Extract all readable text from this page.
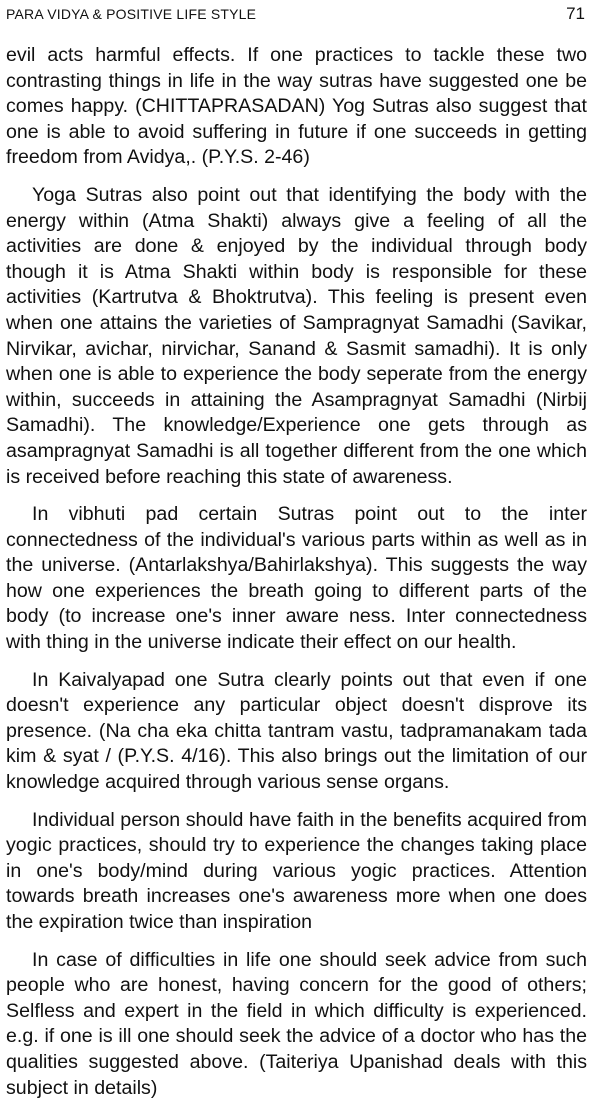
PARA VIDYA & POSITIVE LIFE STYLE	71

evil acts harmful effects. If one practices to tackle these two contrasting things in life in the way sutras have suggested one be comes happy. (CHITTAPRASADAN) Yog Sutras also suggest that one is able to avoid suffering in future if one succeeds in getting freedom from Avidya,. (P.Y.S. 2-46)

Yoga Sutras also point out that identifying the body with the energy within (Atma Shakti) always give a feeling of all the activities are done & enjoyed by the individual through body though it is Atma Shakti within body is responsible for these activities (Kartrutva & Bhoktrutva). This feeling is present even when one attains the varieties of Sampragnyat Samadhi (Savikar, Nirvikar, avichar, nirvichar, Sanand & Sasmit samadhi). It is only when one is able to experience the body seperate from the energy within, succeeds in attaining the Asampragnyat Samadhi (Nirbij Samadhi). The knowledge/Experience one gets through as asampragnyat Samadhi is all together different from the one which is received before reaching this state of awareness.

In vibhuti pad certain Sutras point out to the inter connectedness of the individual's various parts within as well as in the universe. (Antarlakshya/Bahirlakshya). This suggests the way how one experiences the breath going to different parts of the body (to increase one's inner aware ness. Inter connectedness with thing in the universe indicate their effect on our health.

In Kaivalyapad one Sutra clearly points out that even if one doesn't experience any particular object doesn't disprove its presence. (Na cha eka chitta tantram vastu, tadpramanakam tada kim & syat / (P.Y.S. 4/16). This also brings out the limitation of our knowledge acquired through various sense organs.

Individual person should have faith in the benefits acquired from yogic practices, should try to experience the changes taking place in one's body/mind during various yogic practices. Attention towards breath increases one's awareness more when one does the expiration twice than inspiration

In case of difficulties in life one should seek advice from such people who are honest, having concern for the good of others; Selfless and expert in the field in which difficulty is experienced. e.g. if one is ill one should seek the advice of a doctor who has the qualities suggested above. (Taiteriya Upanishad deals with this subject in details)
